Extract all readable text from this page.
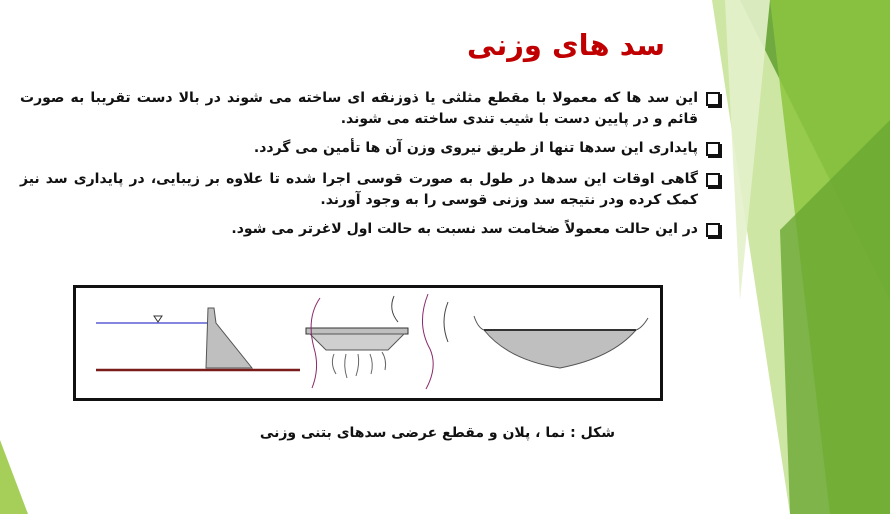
سد های وزنی
این سد ها که معمولا با مقطع مثلثی یا ذوزنقه ای ساخته می شوند در بالا دست تقریبا به صورت قائم و در پایین دست با شیب تندی ساخته می شوند.
پایداری این سدها تنها از طریق نیروی وزن آن ها تأمین می گردد.
گاهی اوقات این سدها در طول به صورت قوسی اجرا شده تا علاوه بر زیبایی، در پایداری سد نیز کمک کرده ودر نتیجه سد وزنی قوسی را به وجود آورند.
در این حالت معمولاً ضخامت سد نسبت به حالت اول لاغرتر می شود.
شکل : نما ، پلان و مقطع عرضی سدهای بتنی وزنی
